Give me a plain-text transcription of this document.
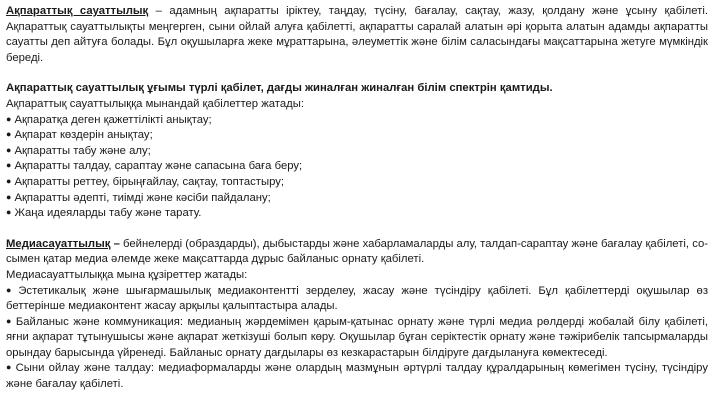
Ақпараттық сауаттылық – адамның ақпаратты іріктеу, таңдау, түсіну, бағалау, сақтау, жазу, қолдану және ұсыну қабілеті. Ақпараттық сауаттылықты меңгерген, сыни ойлай алуға қабілетті, ақпаратты саралай алатын әрі қорыта алатын адамды ақпаратты сауатты деп айтуға болады. Бұл оқушыларға жеке мұраттарына, әлеуметтік және білім саласындағы мақсаттарына жетуге мүмкіндік береді.

Ақпараттық сауаттылық ұғымы түрлі қабілет, дағды жиналған жиналған білім спектрін қамтиды.

Ақпараттық сауаттылыққа мынандай қабілеттер жатады:

● Ақпаратқа деген қажеттілікті анықтау;
● Ақпарат көздерін анықтау;
● Ақпаратты табу және алу;
● Ақпаратты талдау, сараптау және сапасына баға беру;
● Ақпаратты реттеу, бірыңғайлау, сақтау, топтастыру;
● Ақпаратты әдепті, тиімді және кәсіби пайдалану;
● Жаңа идеяларды табу және тарату.

Медиасауаттылық – бейнелерді (образдарды), дыбыстарды және хабарламаларды алу, талдап-сараптау және бағалау қабілеті, со-сымен қатар медиа әлемде жеке мақсаттарда дұрыс байланыс орнату қабілеті.

Медиасауаттылыққа мына құзіреттер жатады:

● Эстетикалық және шығармашылық медиаконтентті зерделеу, жасау және түсіндіру қабілеті. Бұл қабілеттерді оқушылар өз беттерінше медиаконтент жасау арқылы қалыптастыра алады.
● Байланыс және коммуникация: медианың жәрдемімен қарым-қатынас орнату және түрлі медиа рөлдерді жобалай білу қабілеті, яғни ақпарат тұтынушысы және ақпарат жеткізуші болып көру. Оқушылар бұған серіктестік орнату және тәжірибелік тапсырмаларды орындау барысында үйренеді. Байланыс орнату дағдылары өз кезкарастарын білдіруге дағдылануға көмектеседі.
● Сыни ойлау және талдау: медиаформаларды және олардың мазмұнын әртүрлі талдау құралдарының көмегімен түсіну, түсіндіру және бағалау қабілеті.
